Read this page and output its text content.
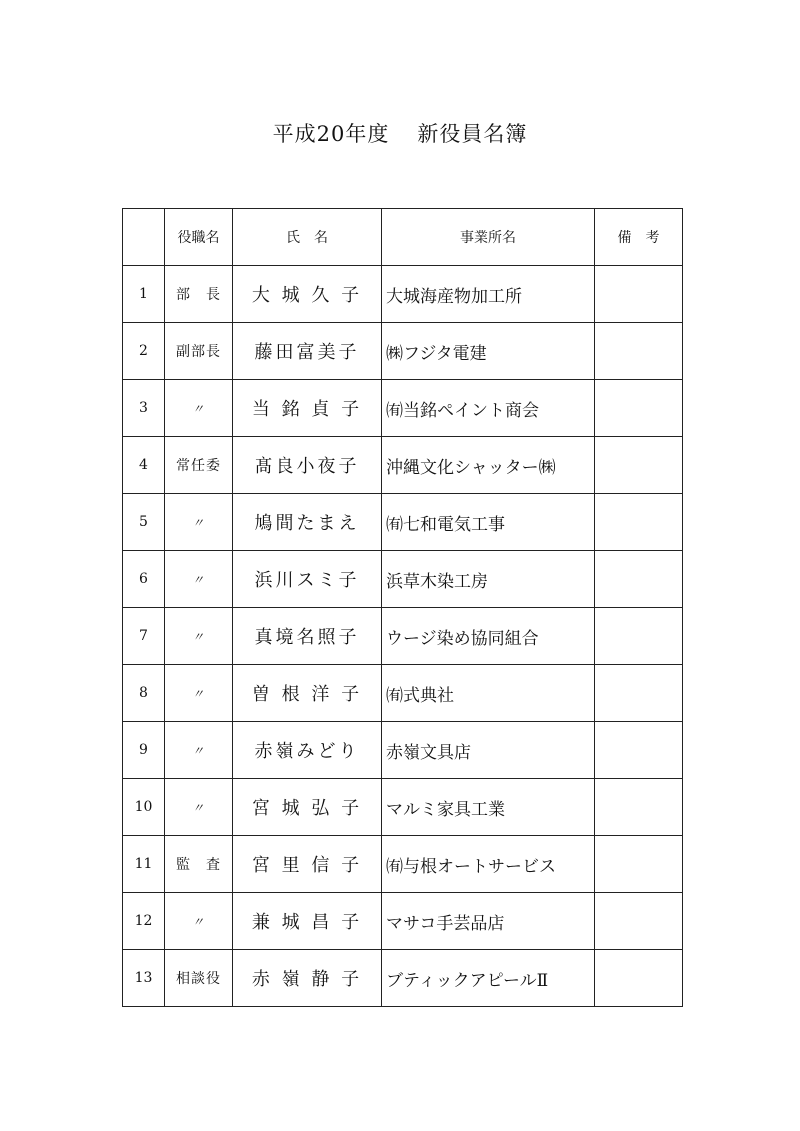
平成20年度 新役員名簿
	役職名	氏　名	事業所名	備　考
1	部　長	大 城 久 子	大城海産物加工所	
2	副部長	藤田富美子	㈱フジタ電建	
3	〃	当 銘 貞 子	㈲当銘ペイント商会	
4	常任委	髙良小夜子	沖縄文化シャッター㈱	
5	〃	鳩間たまえ	㈲七和電気工事	
6	〃	浜川スミ子	浜草木染工房	
7	〃	真境名照子	ウージ染め協同組合	
8	〃	曽 根 洋 子	㈲式典社	
9	〃	赤嶺みどり	赤嶺文具店	
10	〃	宮 城 弘 子	マルミ家具工業	
11	監　査	宮 里 信 子	㈲与根オートサービス	
12	〃	兼 城 昌 子	マサコ手芸品店	
13	相談役	赤 嶺 静 子	ブティックアピールⅡ	
